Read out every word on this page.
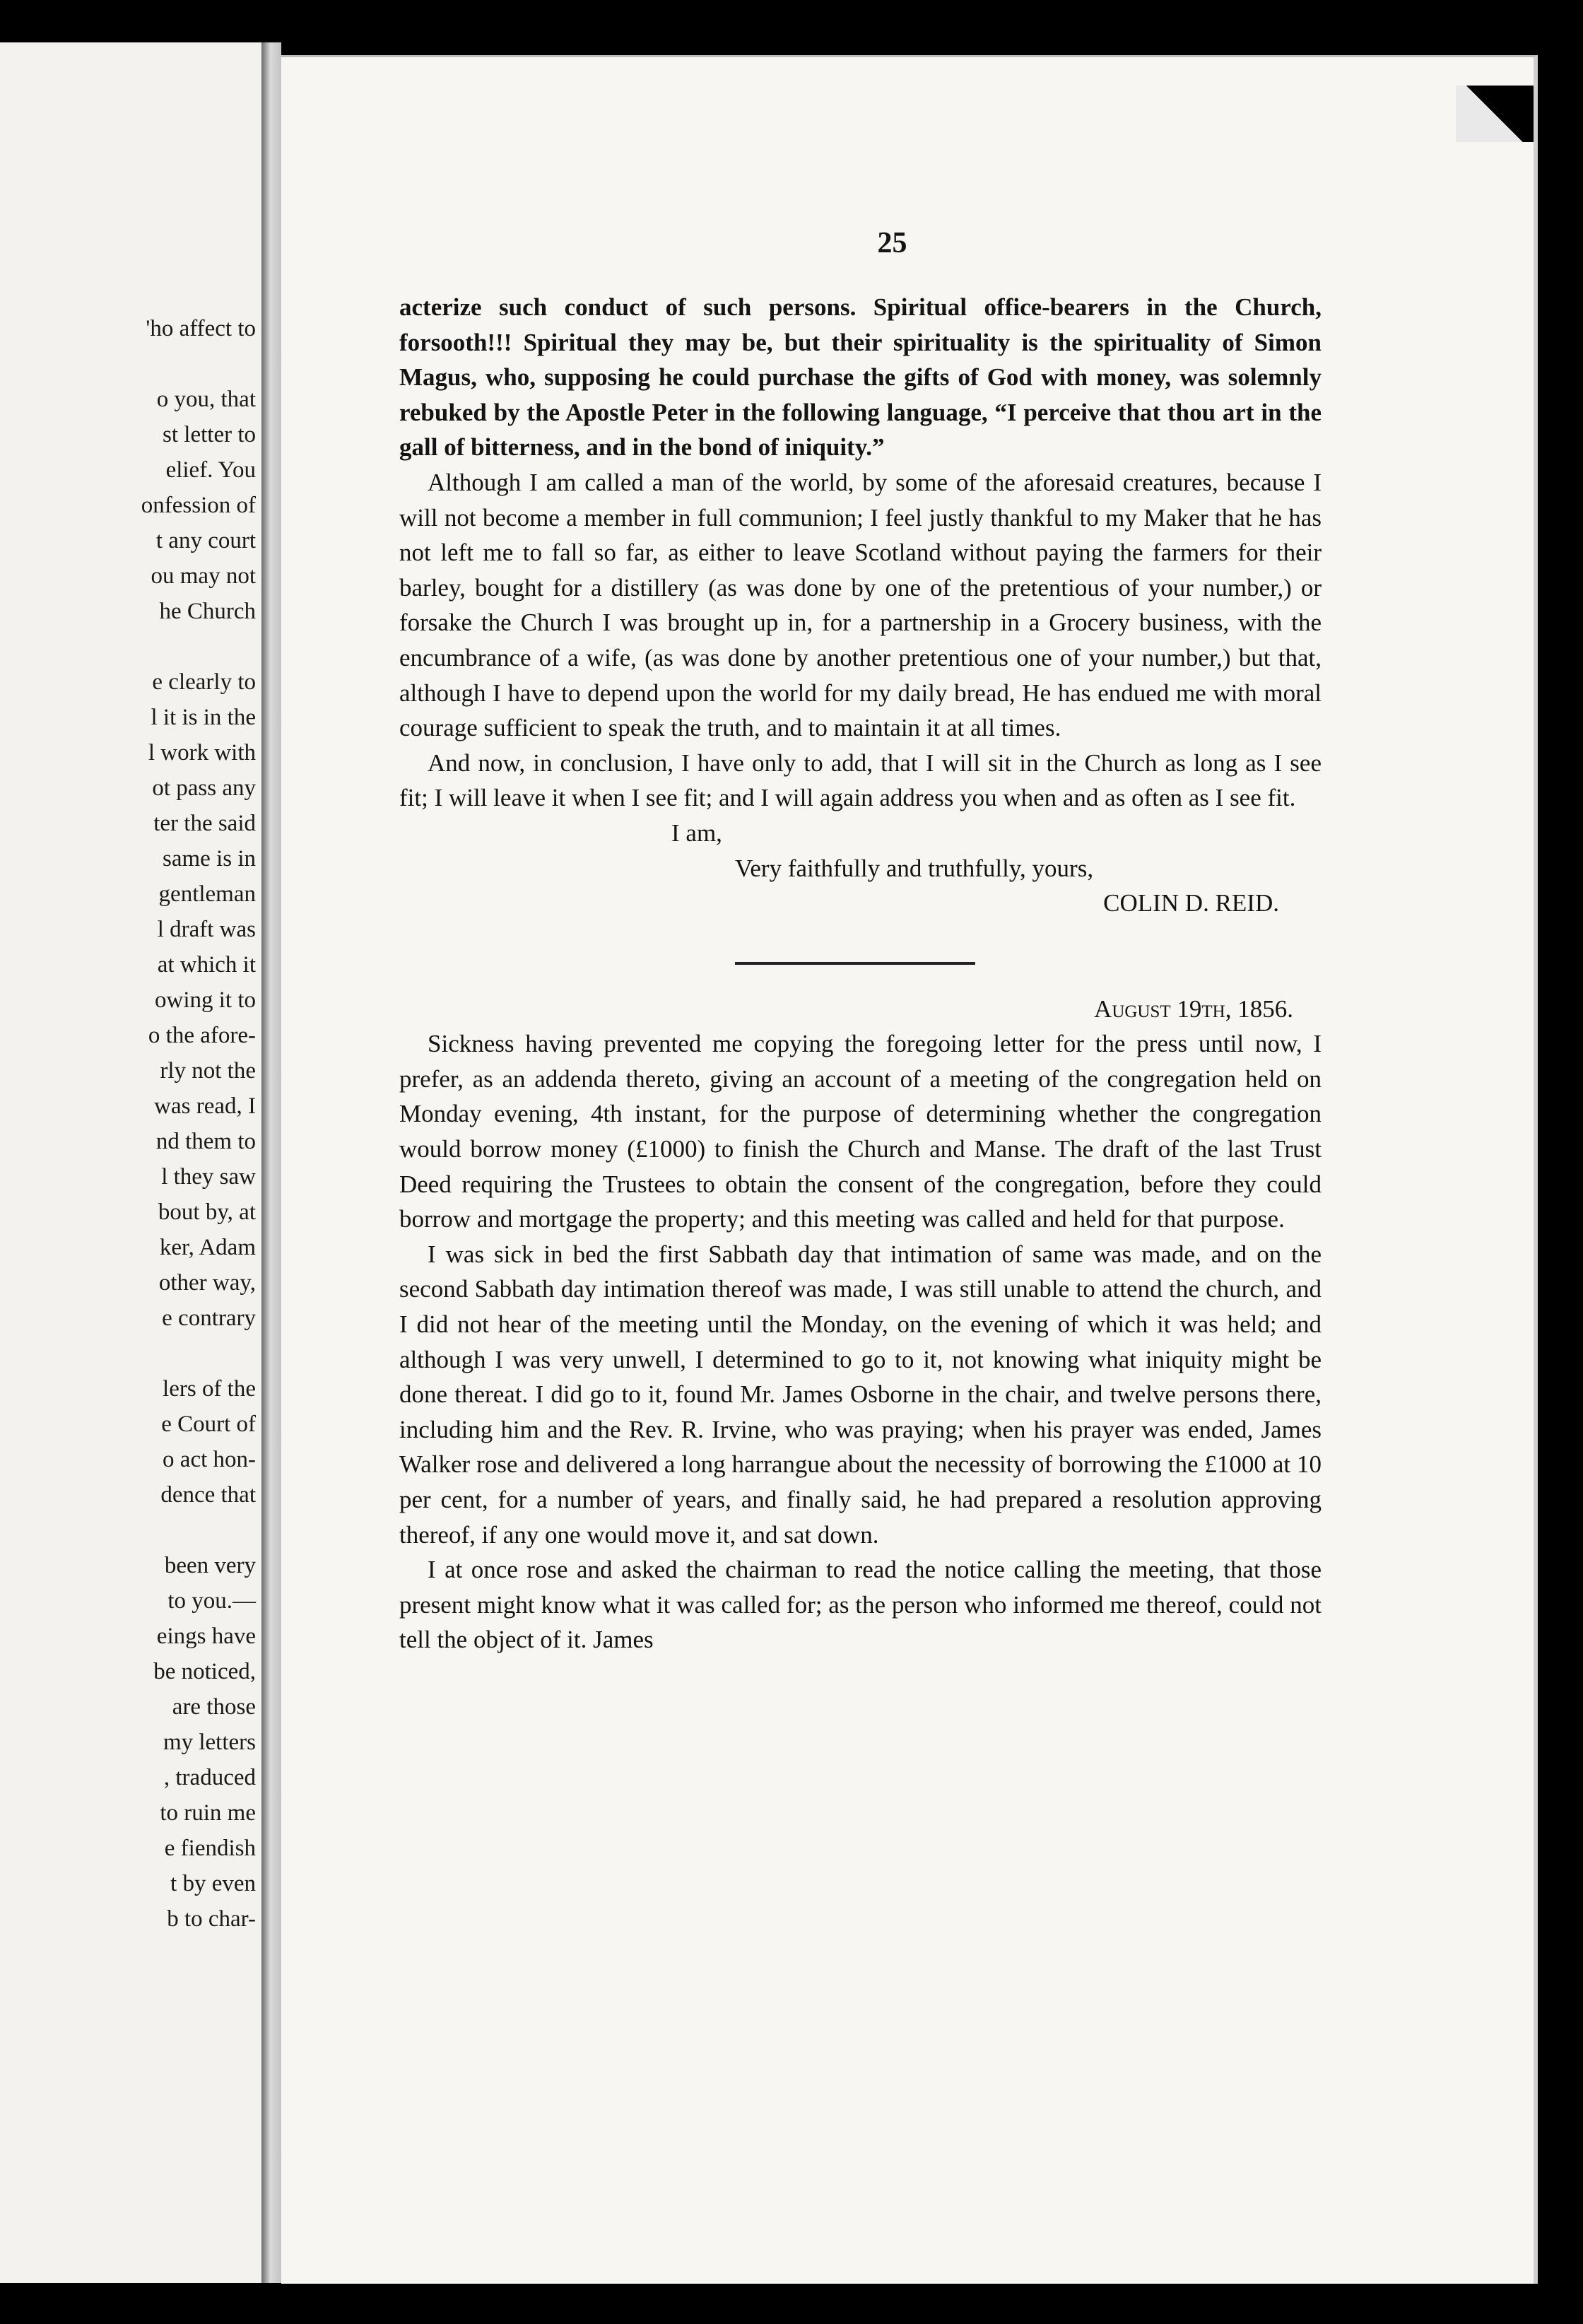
'ho affect to
o you, that
st letter to
elief. You
onfession of
t any court
ou may not
he Church
e clearly to
l it is in the
l work with
ot pass any
ter the said
same is in
gentleman
l draft was
at which it
owing it to
o the afore-
rly not the
was read, I
nd them to
l they saw
bout by, at
ker, Adam
other way,
e contrary
lers of the
e Court of
o act hon-
dence that
been very
to you.—
eings have
be noticed,
are those
my letters
, traduced
to ruin me
e fiendish
t by even
b to char-
25

acterize such conduct of such persons. Spiritual office-bearers in the Church, forsooth!!! Spiritual they may be, but their spirituality is the spirituality of Simon Magus, who, supposing he could purchase the gifts of God with money, was solemnly rebuked by the Apostle Peter in the following language, “I perceive that thou art in the gall of bitterness, and in the bond of iniquity.”

Although I am called a man of the world, by some of the aforesaid creatures, because I will not become a member in full communion; I feel justly thankful to my Maker that he has not left me to fall so far, as either to leave Scotland without paying the farmers for their barley, bought for a distillery (as was done by one of the pretentious of your number,) or forsake the Church I was brought up in, for a partnership in a Grocery business, with the encumbrance of a wife, (as was done by another pretentious one of your number,) but that, although I have to depend upon the world for my daily bread, He has endued me with moral courage sufficient to speak the truth, and to maintain it at all times.

And now, in conclusion, I have only to add, that I will sit in the Church as long as I see fit; I will leave it when I see fit; and I will again address you when and as often as I see fit.

I am,
Very faithfully and truthfully, yours,
COLIN D. REID.
August 19th, 1856.

Sickness having prevented me copying the foregoing letter for the press until now, I prefer, as an addenda thereto, giving an account of a meeting of the congregation held on Monday evening, 4th instant, for the purpose of determining whether the congregation would borrow money (£1000) to finish the Church and Manse. The draft of the last Trust Deed requiring the Trustees to obtain the consent of the congregation, before they could borrow and mortgage the property; and this meeting was called and held for that purpose.

I was sick in bed the first Sabbath day that intimation of same was made, and on the second Sabbath day intimation thereof was made, I was still unable to attend the church, and I did not hear of the meeting until the Monday, on the evening of which it was held; and although I was very unwell, I determined to go to it, not knowing what iniquity might be done thereat. I did go to it, found Mr. James Osborne in the chair, and twelve persons there, including him and the Rev. R. Irvine, who was praying; when his prayer was ended, James Walker rose and delivered a long harrangue about the necessity of borrowing the £1000 at 10 per cent, for a number of years, and finally said, he had prepared a resolution approving thereof, if any one would move it, and sat down.

I at once rose and asked the chairman to read the notice calling the meeting, that those present might know what it was called for; as the person who informed me thereof, could not tell the object of it. James
